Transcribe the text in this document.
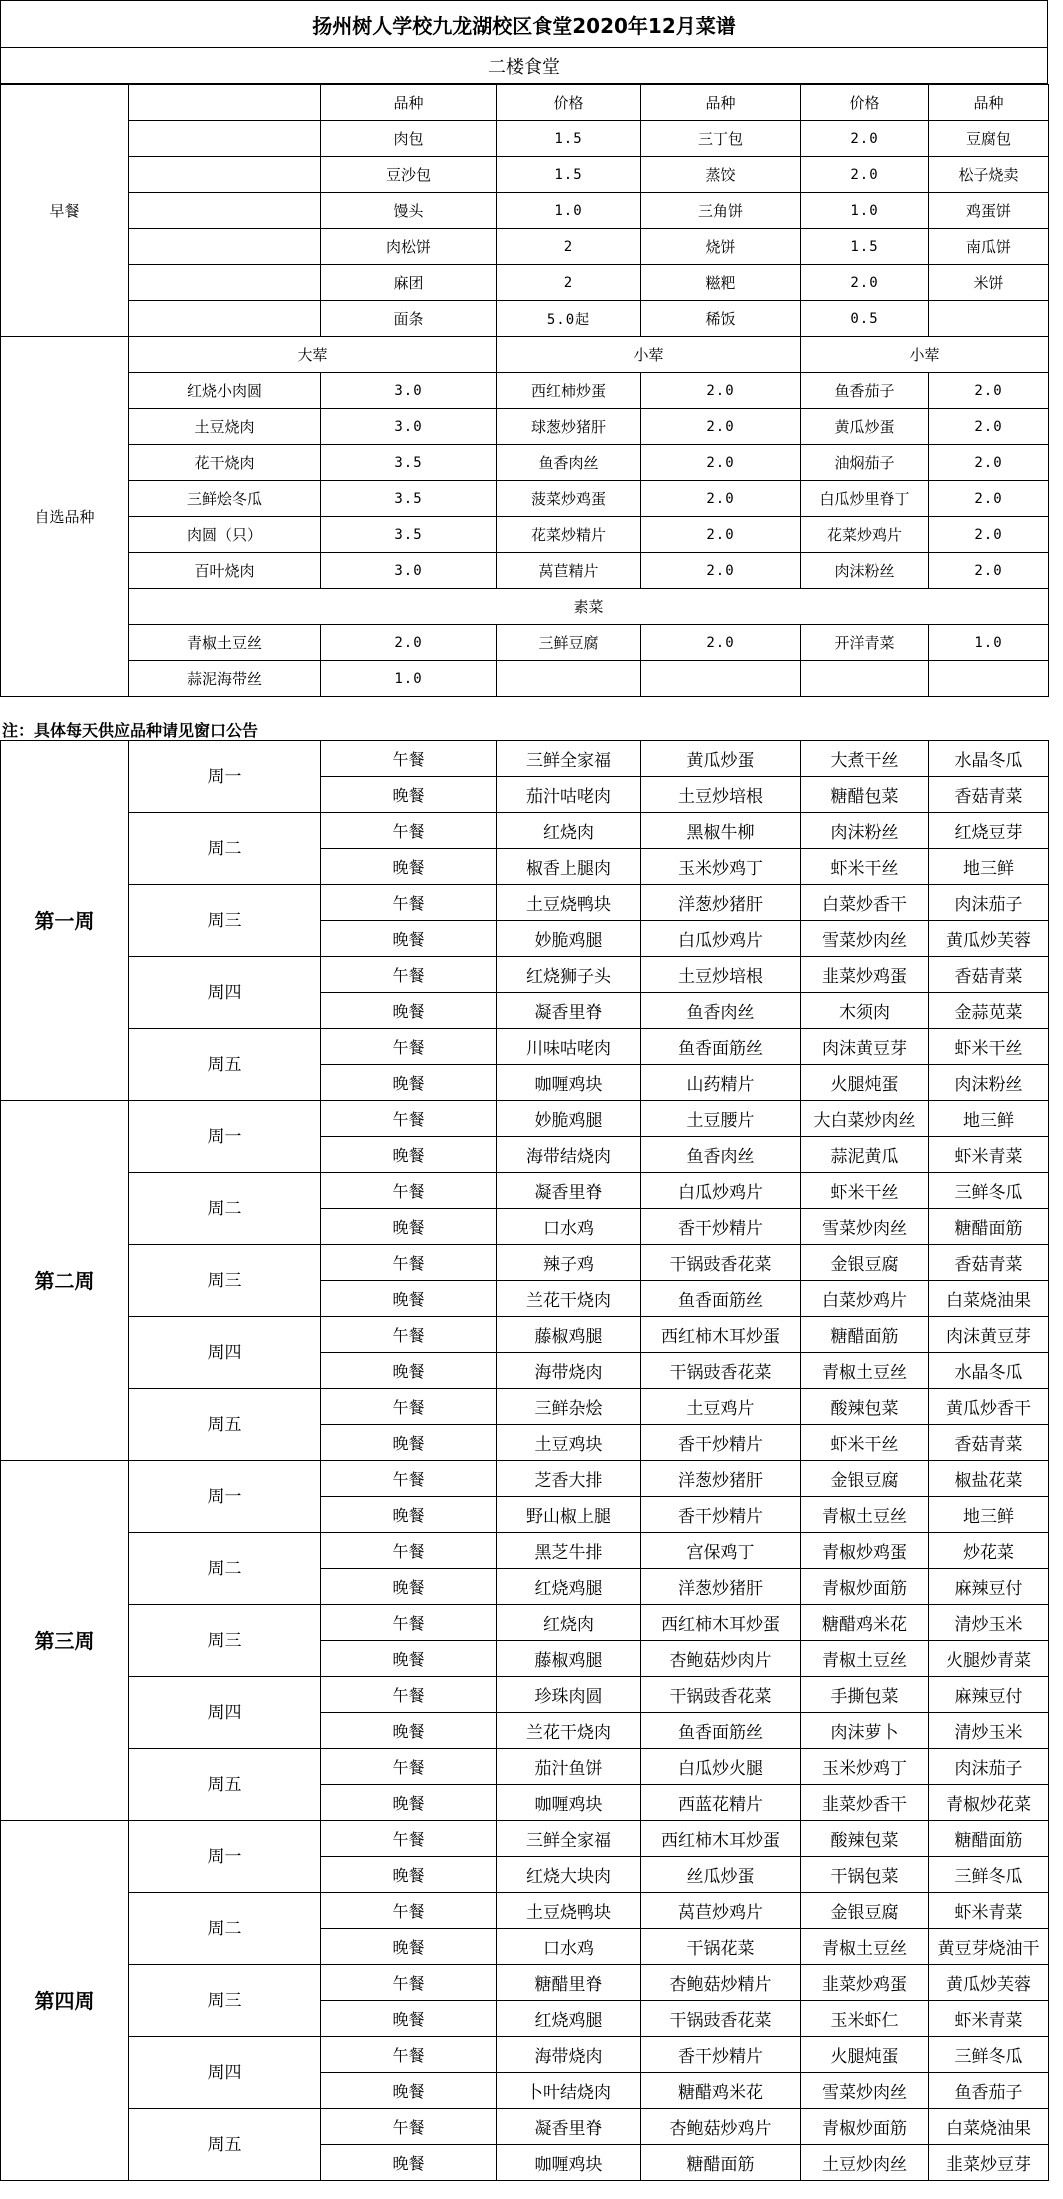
扬州树人学校九龙湖校区食堂2020年12月菜谱
二楼食堂
早餐		品种	价格	品种	价格	品种	
		肉包	1.5	三丁包	2.0	豆腐包	
		豆沙包	1.5	蒸饺	2.0	松子烧卖	
		馒头	1.0	三角饼	1.0	鸡蛋饼	
		肉松饼	2	烧饼	1.5	南瓜饼	
		麻团	2	糍粑	2.0	米饼	
		面条	5.0起	稀饭	0.5		
自选品种	大荤		小荤		小荤		
	红烧小肉圆	3.0	西红柿炒蛋	2.0	鱼香茄子	2.0	
	土豆烧肉	3.0	球葱炒猪肝	2.0	黄瓜炒蛋	2.0	
	花干烧肉	3.5	鱼香肉丝	2.0	油焖茄子	2.0	
	三鲜烩冬瓜	3.5	菠菜炒鸡蛋	2.0	白瓜炒里脊丁	2.0	
	肉圆（只）	3.5	花菜炒精片	2.0	花菜炒鸡片	2.0	
	百叶烧肉	3.0	莴苣精片	2.0	肉沫粉丝	2.0	
	素菜						
	青椒土豆丝	2.0	三鲜豆腐	2.0	开洋青菜	1.0	
	蒜泥海带丝	1.0					
注：具体每天供应品种请见窗口公告
第一周	周一	午餐	三鲜全家福	黄瓜炒蛋	大煮干丝	水晶冬瓜
		晚餐	茄汁咕咾肉	土豆炒培根	糖醋包菜	香菇青菜
	周二	午餐	红烧肉	黑椒牛柳	肉沫粉丝	红烧豆芽
		晚餐	椒香上腿肉	玉米炒鸡丁	虾米干丝	地三鲜
	周三	午餐	土豆烧鸭块	洋葱炒猪肝	白菜炒香干	肉沫茄子
		晚餐	妙脆鸡腿	白瓜炒鸡片	雪菜炒肉丝	黄瓜炒芙蓉
	周四	午餐	红烧狮子头	土豆炒培根	韭菜炒鸡蛋	香菇青菜
		晚餐	凝香里脊	鱼香肉丝	木须肉	金蒜苋菜
	周五	午餐	川味咕咾肉	鱼香面筋丝	肉沫黄豆芽	虾米干丝
		晚餐	咖喱鸡块	山药精片	火腿炖蛋	肉沫粉丝
第二周	周一	午餐	妙脆鸡腿	土豆腰片	大白菜炒肉丝	地三鲜
		晚餐	海带结烧肉	鱼香肉丝	蒜泥黄瓜	虾米青菜
	周二	午餐	凝香里脊	白瓜炒鸡片	虾米干丝	三鲜冬瓜
		晚餐	口水鸡	香干炒精片	雪菜炒肉丝	糖醋面筋
	周三	午餐	辣子鸡	干锅豉香花菜	金银豆腐	香菇青菜
		晚餐	兰花干烧肉	鱼香面筋丝	白菜炒鸡片	白菜烧油果
	周四	午餐	藤椒鸡腿	西红柿木耳炒蛋	糖醋面筋	肉沫黄豆芽
		晚餐	海带烧肉	干锅豉香花菜	青椒土豆丝	水晶冬瓜
	周五	午餐	三鲜杂烩	土豆鸡片	酸辣包菜	黄瓜炒香干
		晚餐	土豆鸡块	香干炒精片	虾米干丝	香菇青菜
第三周	周一	午餐	芝香大排	洋葱炒猪肝	金银豆腐	椒盐花菜
		晚餐	野山椒上腿	香干炒精片	青椒土豆丝	地三鲜
	周二	午餐	黑芝牛排	宫保鸡丁	青椒炒鸡蛋	炒花菜
		晚餐	红烧鸡腿	洋葱炒猪肝	青椒炒面筋	麻辣豆付
	周三	午餐	红烧肉	西红柿木耳炒蛋	糖醋鸡米花	清炒玉米
		晚餐	藤椒鸡腿	杏鲍菇炒肉片	青椒土豆丝	火腿炒青菜
	周四	午餐	珍珠肉圆	干锅豉香花菜	手撕包菜	麻辣豆付
		晚餐	兰花干烧肉	鱼香面筋丝	肉沫萝卜	清炒玉米
	周五	午餐	茄汁鱼饼	白瓜炒火腿	玉米炒鸡丁	肉沫茄子
		晚餐	咖喱鸡块	西蓝花精片	韭菜炒香干	青椒炒花菜
第四周	周一	午餐	三鲜全家福	西红柿木耳炒蛋	酸辣包菜	糖醋面筋
		晚餐	红烧大块肉	丝瓜炒蛋	干锅包菜	三鲜冬瓜
	周二	午餐	土豆烧鸭块	莴苣炒鸡片	金银豆腐	虾米青菜
		晚餐	口水鸡	干锅花菜	青椒土豆丝	黄豆芽烧油干
	周三	午餐	糖醋里脊	杏鲍菇炒精片	韭菜炒鸡蛋	黄瓜炒芙蓉
		晚餐	红烧鸡腿	干锅豉香花菜	玉米虾仁	虾米青菜
	周四	午餐	海带烧肉	香干炒精片	火腿炖蛋	三鲜冬瓜
		晚餐	卜叶结烧肉	糖醋鸡米花	雪菜炒肉丝	鱼香茄子
	周五	午餐	凝香里脊	杏鲍菇炒鸡片	青椒炒面筋	白菜烧油果
		晚餐	咖喱鸡块	糖醋面筋	土豆炒肉丝	韭菜炒豆芽
